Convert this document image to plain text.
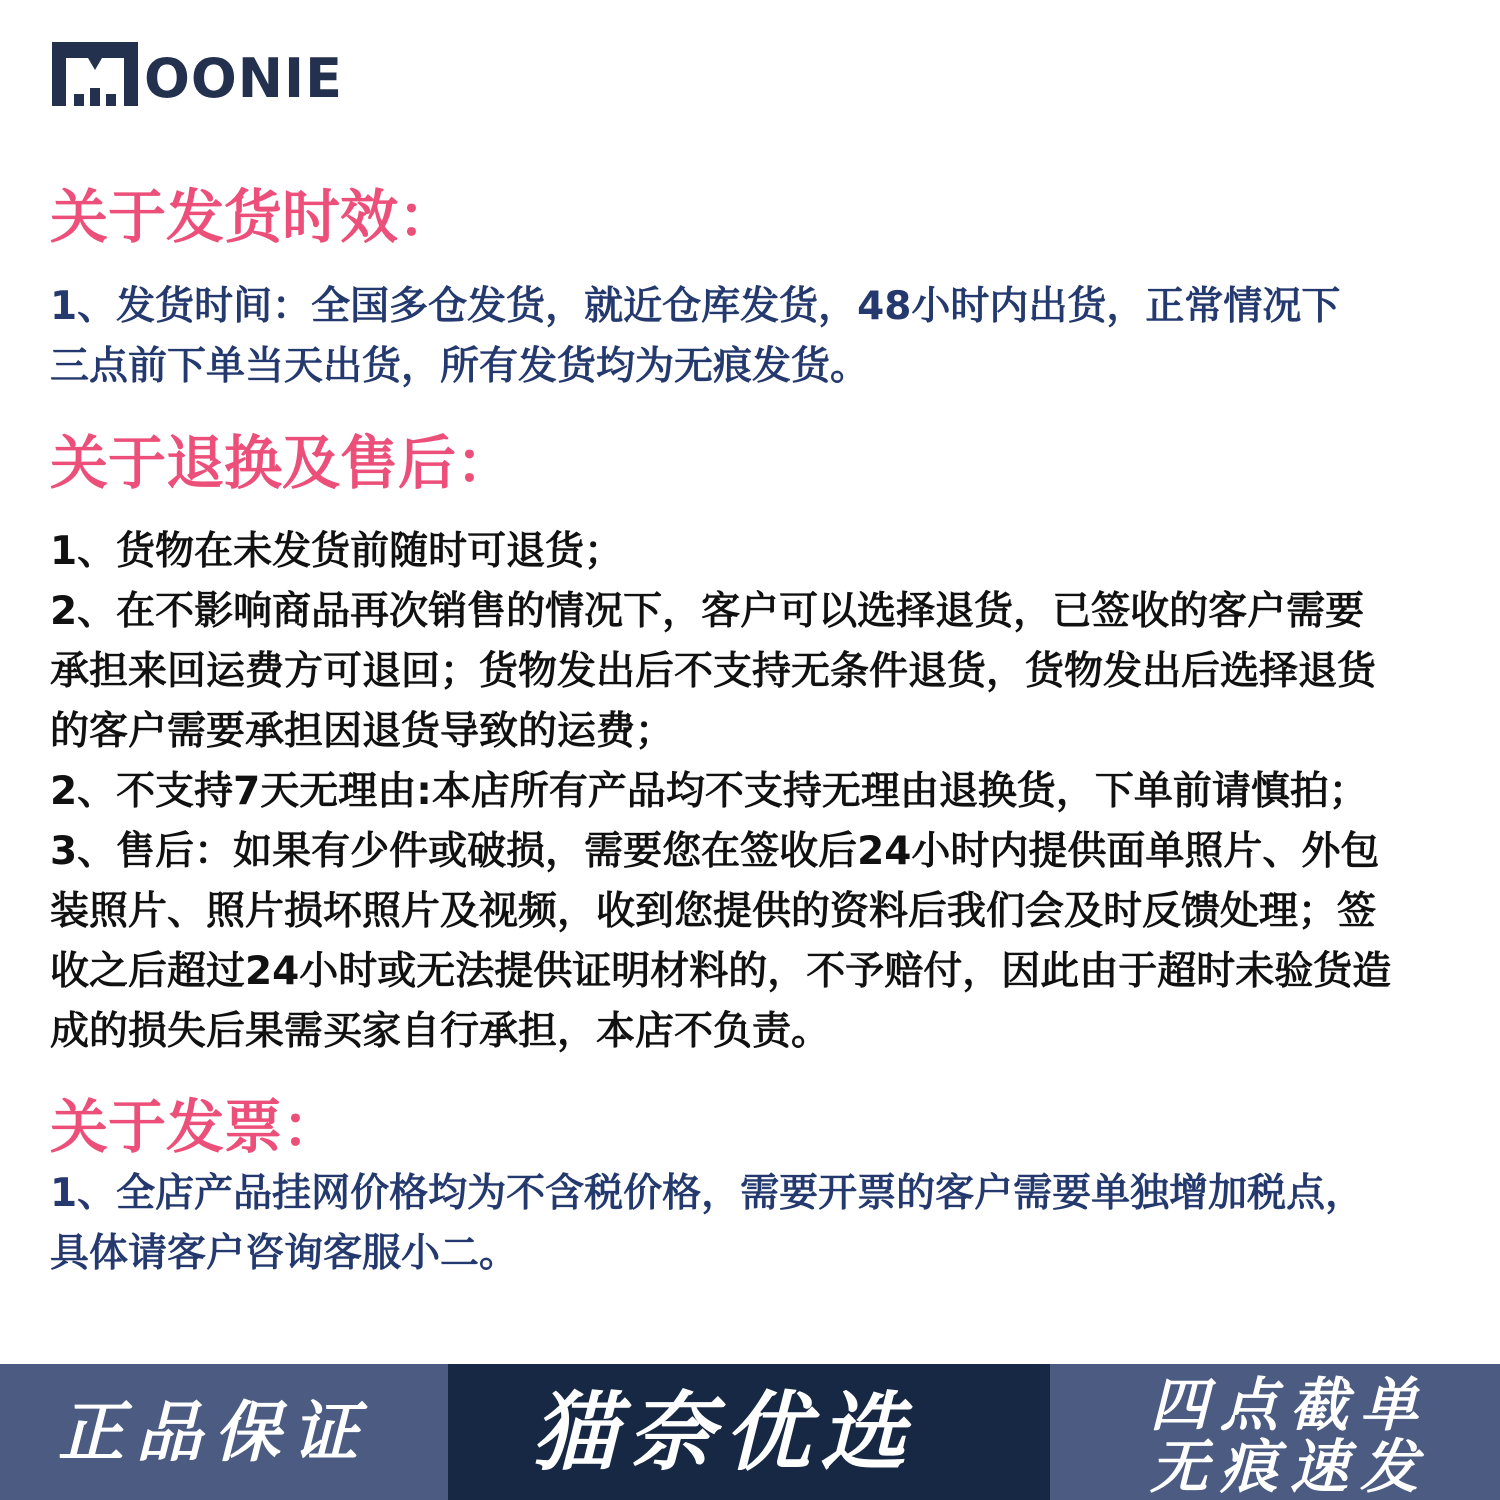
OONIE
关于发货时效：
1、发货时间：全国多仓发货，就近仓库发货，48小时内出货，正常情况下
三点前下单当天出货，所有发货均为无痕发货。
关于退换及售后：
1、货物在未发货前随时可退货；
2、在不影响商品再次销售的情况下，客户可以选择退货，已签收的客户需要
承担来回运费方可退回；货物发出后不支持无条件退货，货物发出后选择退货
的客户需要承担因退货导致的运费；
2、不支持7天无理由:本店所有产品均不支持无理由退换货，下单前请慎拍；
3、售后：如果有少件或破损，需要您在签收后24小时内提供面单照片、外包
装照片、照片损坏照片及视频，收到您提供的资料后我们会及时反馈处理；签
收之后超过24小时或无法提供证明材料的，不予赔付，因此由于超时未验货造
成的损失后果需买家自行承担，本店不负责。
关于发票：
1、全店产品挂网价格均为不含税价格，需要开票的客户需要单独增加税点，
具体请客户咨询客服小二。
正品保证 猫奈优选	四点截单
无痕速发
